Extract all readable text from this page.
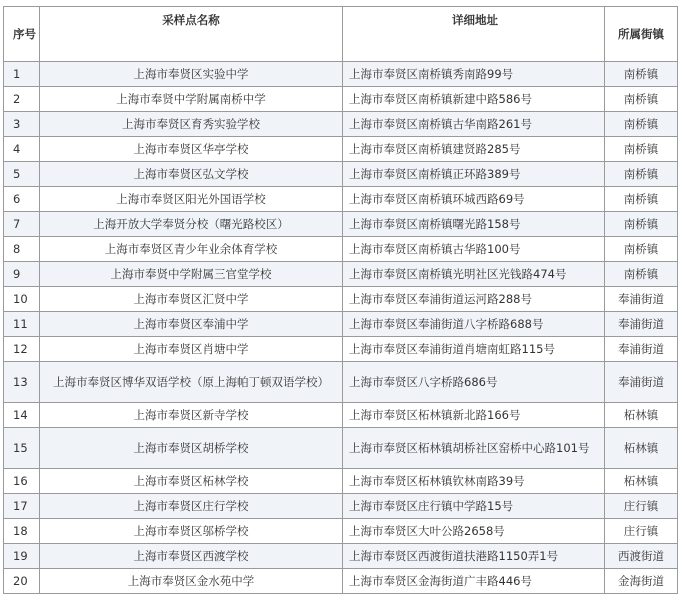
序号	采样点名称	详细地址	所属街镇
1	上海市奉贤区实验中学	上海市奉贤区南桥镇秀南路99号	南桥镇
2	上海市奉贤中学附属南桥中学	上海市奉贤区南桥镇新建中路586号	南桥镇
3	上海市奉贤区育秀实验学校	上海市奉贤区南桥镇古华南路261号	南桥镇
4	上海市奉贤区华亭学校	上海市奉贤区南桥镇建贤路285号	南桥镇
5	上海市奉贤区弘文学校	上海市奉贤区南桥镇正环路389号	南桥镇
6	上海市奉贤区阳光外国语学校	上海市奉贤区南桥镇环城西路69号	南桥镇
7	上海开放大学奉贤分校（曙光路校区）	上海市奉贤区南桥镇曙光路158号	南桥镇
8	上海市奉贤区青少年业余体育学校	上海市奉贤区南桥镇古华路100号	南桥镇
9	上海市奉贤中学附属三官堂学校	上海市奉贤区南桥镇光明社区光钱路474号	南桥镇
10	上海市奉贤区汇贤中学	上海市奉贤区奉浦街道运河路288号	奉浦街道
11	上海市奉贤区奉浦中学	上海市奉贤区奉浦街道八字桥路688号	奉浦街道
12	上海市奉贤区肖塘中学	上海市奉贤区奉浦街道肖塘南虹路115号	奉浦街道
13	上海市奉贤区博华双语学校（原上海帕丁顿双语学校）	上海市奉贤区八字桥路686号	奉浦街道
14	上海市奉贤区新寺学校	上海市奉贤区柘林镇新北路166号	柘林镇
15	上海市奉贤区胡桥学校	上海市奉贤区柘林镇胡桥社区窑桥中心路101号	柘林镇
16	上海市奉贤区柘林学校	上海市奉贤区柘林镇钦林南路39号	柘林镇
17	上海市奉贤区庄行学校	上海市奉贤区庄行镇中学路15号	庄行镇
18	上海市奉贤区邬桥学校	上海市奉贤区大叶公路2658号	庄行镇
19	上海市奉贤区西渡学校	上海市奉贤区西渡街道扶港路1150弄1号	西渡街道
20	上海市奉贤区金水苑中学	上海市奉贤区金海街道广丰路446号	金海街道
